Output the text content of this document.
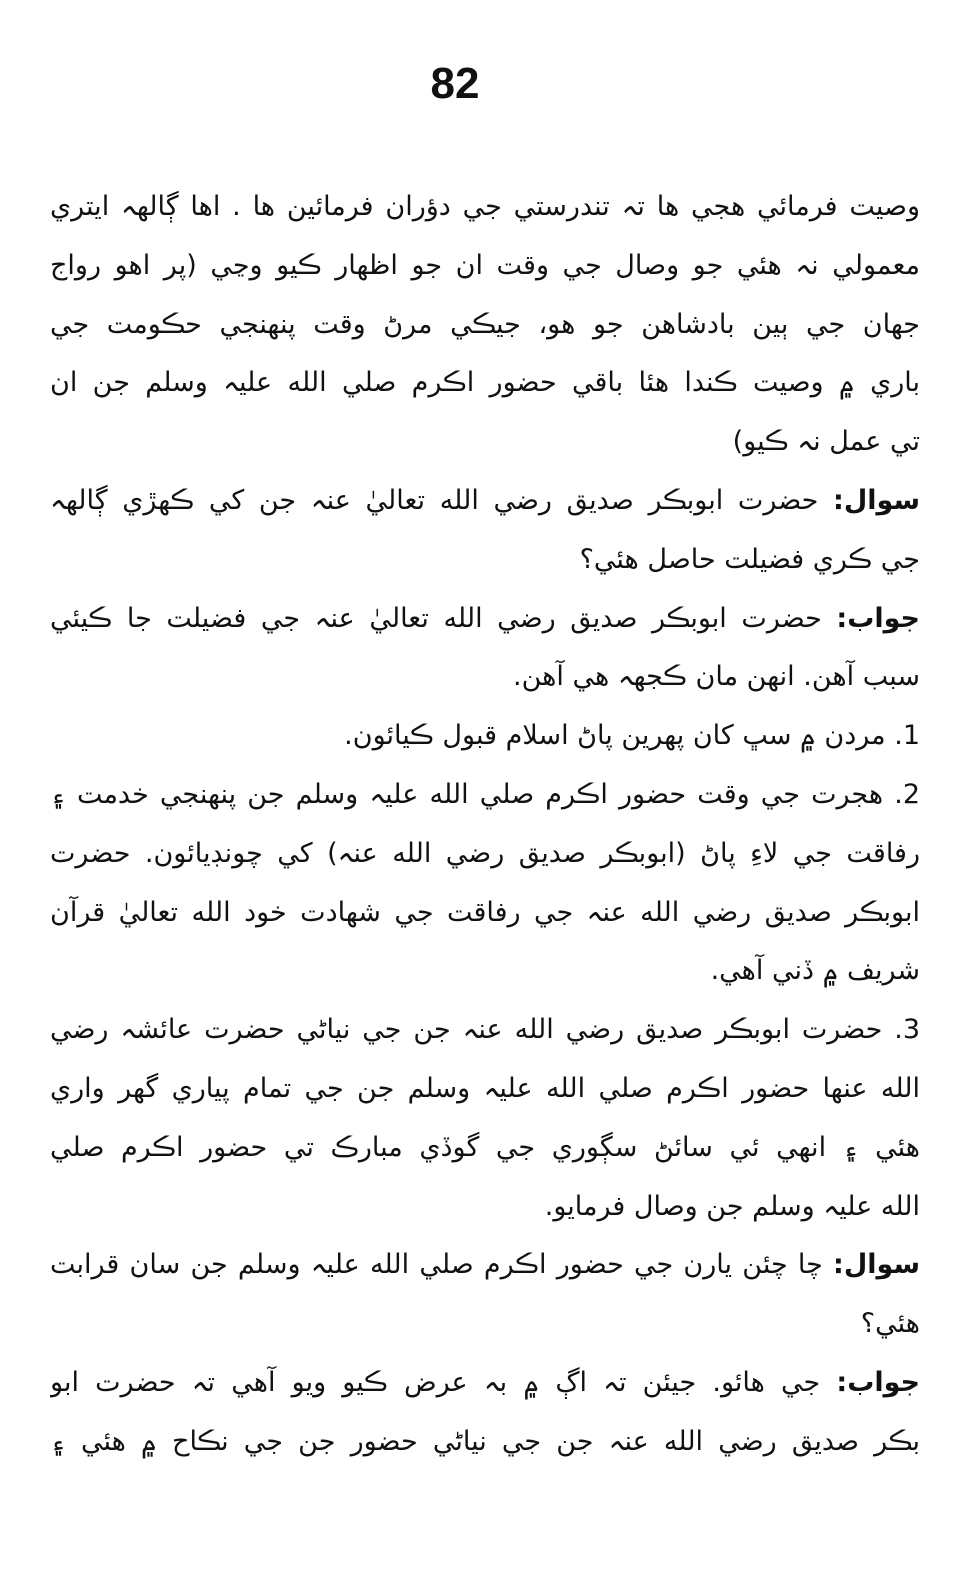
82
وصيت فرمائي هجي ها تہ تندرستي جي دؤران فرمائين ها . اها ڳالھہ ايتري
معمولي نہ هئي جو وصال جي وقت ان جو اظهار ڪيو وڃي (پر اهو رواج
جهان جي ٻين بادشاهن جو هو، جيڪي مرڻ وقت پنهنجي حڪومت جي
باري ۾ وصيت ڪندا هئا باقي حضور اڪرم صلي الله عليہ وسلم جن ان
تي عمل نہ ڪيو)
سوال: حضرت ابوبڪر صديق رضي الله تعاليٰ عنہ جن کي ڪهڙي ڳالھہ
جي ڪري فضيلت حاصل هئي؟
جواب: حضرت ابوبڪر صديق رضي الله تعاليٰ عنہ جي فضيلت جا ڪيئي
سبب آهن. انهن مان ڪجھہ هي آهن.
1. مردن ۾ سڀ کان پهرين پاڻ اسلام قبول ڪيائون.
2. هجرت جي وقت حضور اڪرم صلي الله عليہ وسلم جن پنهنجي خدمت ۽
رفاقت جي لاءِ پاڻ (ابوبڪر صديق رضي الله عنہ) کي چونڊيائون. حضرت
ابوبڪر صديق رضي الله عنہ جي رفاقت جي شهادت خود الله تعاليٰ قرآن
شريف ۾ ڏني آهي.
3. حضرت ابوبڪر صديق رضي الله عنہ جن جي نياڻي حضرت عائشہ رضي
الله عنها حضور اڪرم صلي الله عليہ وسلم جن جي تمام پياري گهر واري
هئي ۽ انهي ئي سائڻ سڳوري جي گوڏي مبارڪ تي حضور اڪرم صلي
الله عليہ وسلم جن وصال فرمايو.
سوال: چا چئن يارن جي حضور اڪرم صلي الله عليہ وسلم جن سان قرابت
هئي؟
جواب: جي هائو. جيئن تہ اڳ ۾ بہ عرض ڪيو ويو آهي تہ حضرت ابو
بڪر صديق رضي الله عنہ جن جي نياڻي حضور جن جي نڪاح ۾ هئي ۽
